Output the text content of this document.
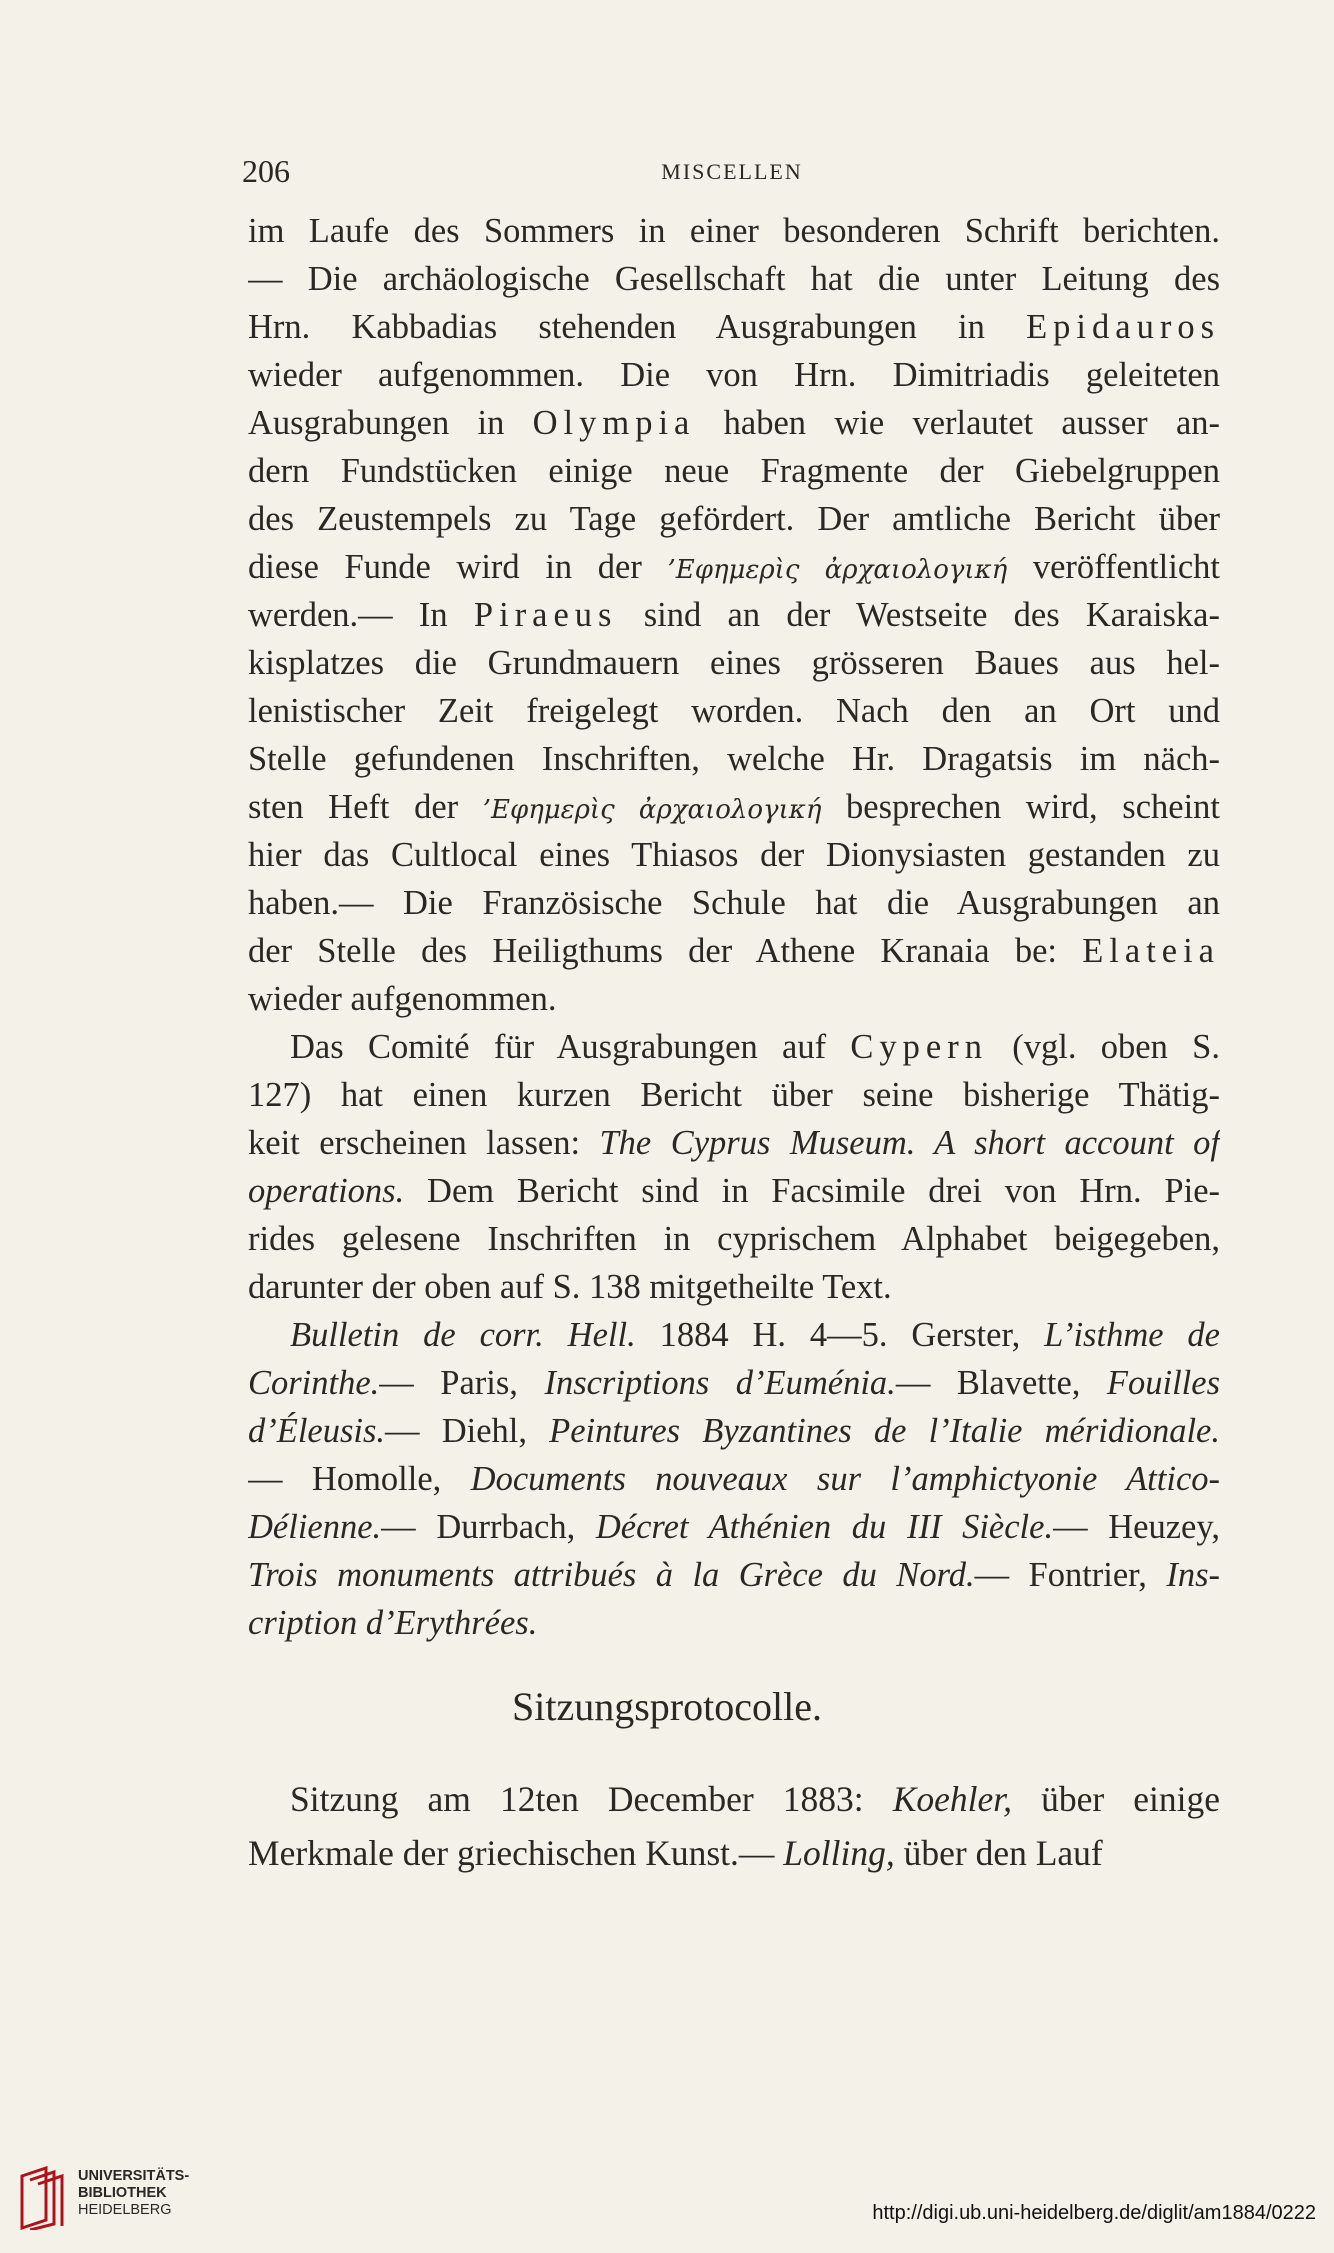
206	MISCELLEN
im Laufe des Sommers in einer besonderen Schrift berichten.
— Die archäologische Gesellschaft hat die unter Leitung des
Hrn. Kabbadias stehenden Ausgrabungen in Epidauros
wieder aufgenommen. Die von Hrn. Dimitriadis geleiteten
Ausgrabungen in Olympia haben wie verlautet ausser an-
dern Fundstücken einige neue Fragmente der Giebelgruppen
des Zeustempels zu Tage gefördert. Der amtliche Bericht über
diese Funde wird in der ’Εφημερὶς ἀρχαιολογική veröffentlicht
werden.— In Piraeus sind an der Westseite des Karaiska-
kisplatzes die Grundmauern eines grösseren Baues aus hel-
lenistischer Zeit freigelegt worden. Nach den an Ort und
Stelle gefundenen Inschriften, welche Hr. Dragatsis im näch-
sten Heft der ’Εφημερὶς ἀρχαιολογική besprechen wird, scheint
hier das Cultlocal eines Thiasos der Dionysiasten gestanden zu
haben.— Die Französische Schule hat die Ausgrabungen an
der Stelle des Heiligthums der Athene Kranaia be: Elateia
wieder aufgenommen.
Das Comité für Ausgrabungen auf Cypern (vgl. oben S.
127) hat einen kurzen Bericht über seine bisherige Thätig-
keit erscheinen lassen: The Cyprus Museum. A short account of
operations. Dem Bericht sind in Facsimile drei von Hrn. Pie-
rides gelesene Inschriften in cyprischem Alphabet beigegeben,
darunter der oben auf S. 138 mitgetheilte Text.
Bulletin de corr. Hell. 1884 H. 4—5. Gerster, L’isthme de
Corinthe.— Paris, Inscriptions d’Euménia.— Blavette, Fouilles
d’Éleusis.— Diehl, Peintures Byzantines de l’Italie méridionale.
— Homolle, Documents nouveaux sur l’amphictyonie Attico-
Délienne.— Durrbach, Décret Athénien du III Siècle.— Heuzey,
Trois monuments attribués à la Grèce du Nord.— Fontrier, Ins-
cription d’Erythrées.
Sitzungsprotocolle.
Sitzung am 12ten December 1883: Koehler, über einige
Merkmale der griechischen Kunst.— Lolling, über den Lauf
UNIVERSITÄTS-
BIBLIOTHEK
HEIDELBERG	http://digi.ub.uni-heidelberg.de/diglit/am1884/0222
